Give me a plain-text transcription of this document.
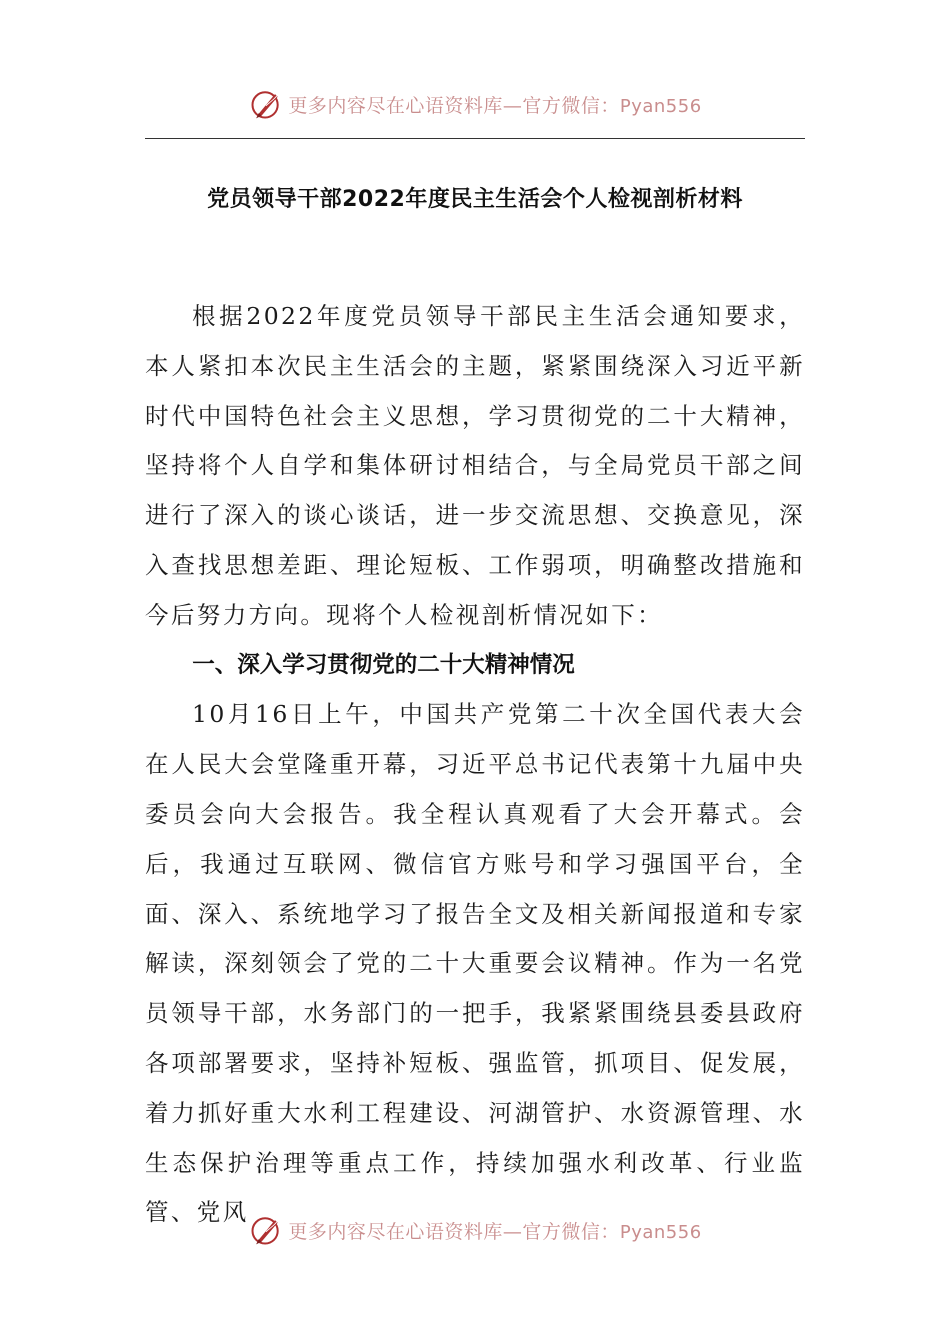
更多内容尽在心语资料库—官方微信：Pyan556
党员领导干部2022年度民主生活会个人检视剖析材料

根据2022年度党员领导干部民主生活会通知要求，本人紧扣本次民主生活会的主题，紧紧围绕深入习近平新时代中国特色社会主义思想，学习贯彻党的二十大精神，坚持将个人自学和集体研讨相结合，与全局党员干部之间进行了深入的谈心谈话，进一步交流思想、交换意见，深入查找思想差距、理论短板、工作弱项，明确整改措施和今后努力方向。现将个人检视剖析情况如下：

一、深入学习贯彻党的二十大精神情况

10月16日上午，中国共产党第二十次全国代表大会在人民大会堂隆重开幕，习近平总书记代表第十九届中央委员会向大会报告。我全程认真观看了大会开幕式。会后，我通过互联网、微信官方账号和学习强国平台，全面、深入、系统地学习了报告全文及相关新闻报道和专家解读，深刻领会了党的二十大重要会议精神。作为一名党员领导干部，水务部门的一把手，我紧紧围绕县委县政府各项部署要求，坚持补短板、强监管，抓项目、促发展，着力抓好重大水利工程建设、河湖管护、水资源管理、水生态保护治理等重点工作，持续加强水利改革、行业监管、党风

更多内容尽在心语资料库—官方微信：Pyan556
